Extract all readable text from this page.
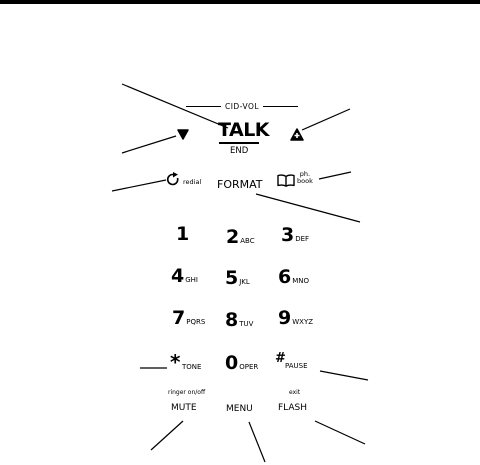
CID-VOL
TALK
END
redial FORMAT
ph.
book
1 2ABC 3DEF
4GHI 5JKL 6MNO
7PQRS 8TUV 9WXYZ
* TONE 0OPER
# PAUSE
ringer on/off
MUTE	MENU
exit
FLASH
